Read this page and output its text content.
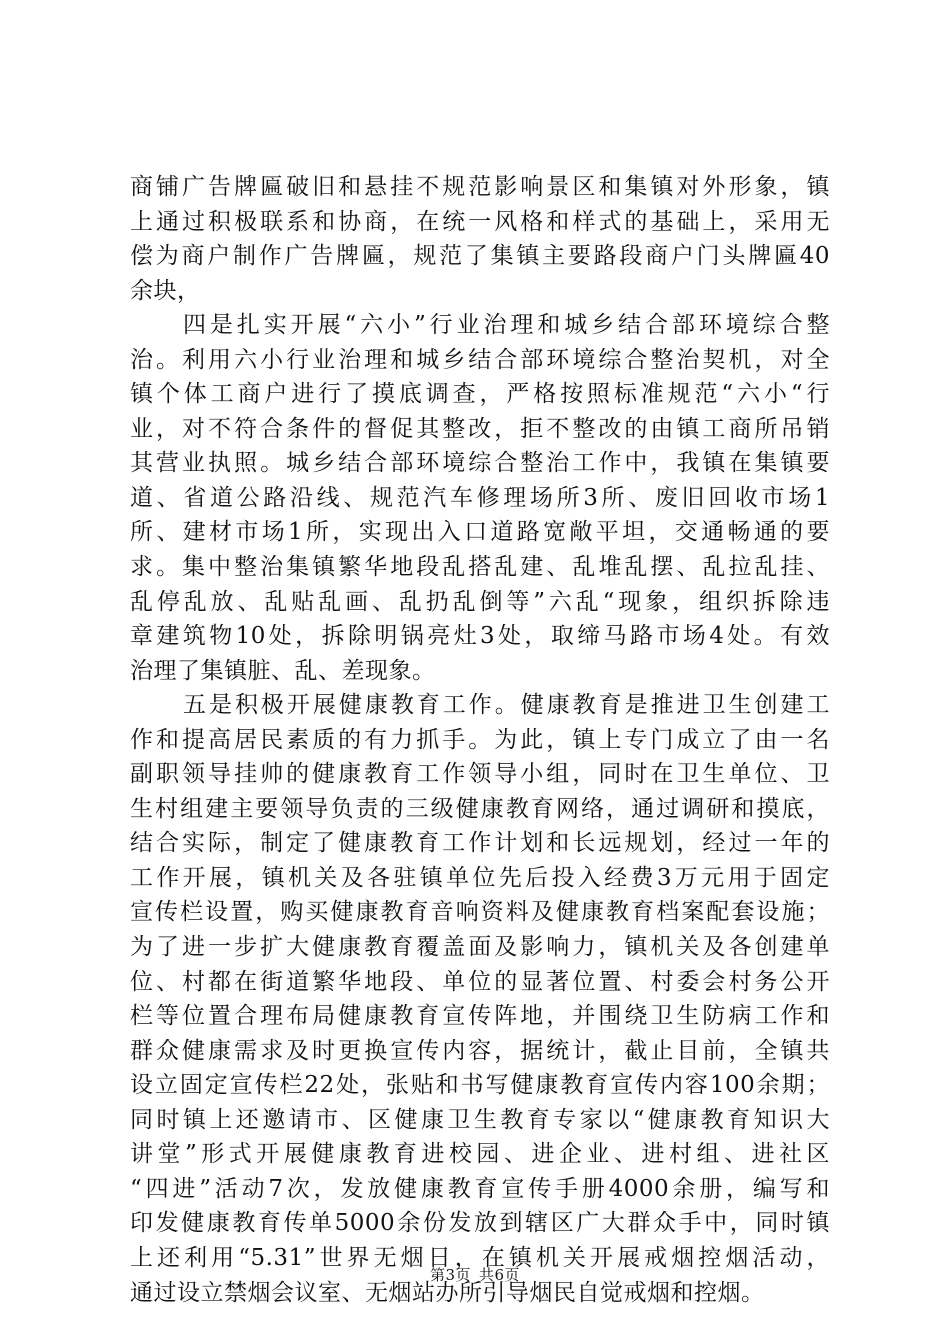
商铺广告牌匾破旧和悬挂不规范影响景区和集镇对外形象，镇
上通过积极联系和协商，在统一风格和样式的基础上，采用无
偿为商户制作广告牌匾，规范了集镇主要路段商户门头牌匾40
余块，
四是扎实开展“六小”行业治理和城乡结合部环境综合整
治。利用六小行业治理和城乡结合部环境综合整治契机，对全
镇个体工商户进行了摸底调查，严格按照标准规范“六小“行
业，对不符合条件的督促其整改，拒不整改的由镇工商所吊销
其营业执照。城乡结合部环境综合整治工作中，我镇在集镇要
道、省道公路沿线、规范汽车修理场所3所、废旧回收市场1
所、建材市场1所，实现出入口道路宽敞平坦，交通畅通的要
求。集中整治集镇繁华地段乱搭乱建、乱堆乱摆、乱拉乱挂、
乱停乱放、乱贴乱画、乱扔乱倒等”六乱“现象，组织拆除违
章建筑物10处，拆除明锅亮灶3处，取缔马路市场4处。有效
治理了集镇脏、乱、差现象。
五是积极开展健康教育工作。健康教育是推进卫生创建工
作和提高居民素质的有力抓手。为此，镇上专门成立了由一名
副职领导挂帅的健康教育工作领导小组，同时在卫生单位、卫
生村组建主要领导负责的三级健康教育网络，通过调研和摸底，
结合实际，制定了健康教育工作计划和长远规划，经过一年的
工作开展，镇机关及各驻镇单位先后投入经费3万元用于固定
宣传栏设置，购买健康教育音响资料及健康教育档案配套设施；
为了进一步扩大健康教育覆盖面及影响力，镇机关及各创建单
位、村都在街道繁华地段、单位的显著位置、村委会村务公开
栏等位置合理布局健康教育宣传阵地，并围绕卫生防病工作和
群众健康需求及时更换宣传内容，据统计，截止目前，全镇共
设立固定宣传栏22处，张贴和书写健康教育宣传内容100余期；
同时镇上还邀请市、区健康卫生教育专家以“健康教育知识大
讲堂”形式开展健康教育进校园、进企业、进村组、进社区
“四进”活动7次，发放健康教育宣传手册4000余册，编写和
印发健康教育传单5000余份发放到辖区广大群众手中，同时镇
上还利用“5.31”世界无烟日，在镇机关开展戒烟控烟活动，
通过设立禁烟会议室、无烟站办所引导烟民自觉戒烟和控烟。
第3页 共6页
